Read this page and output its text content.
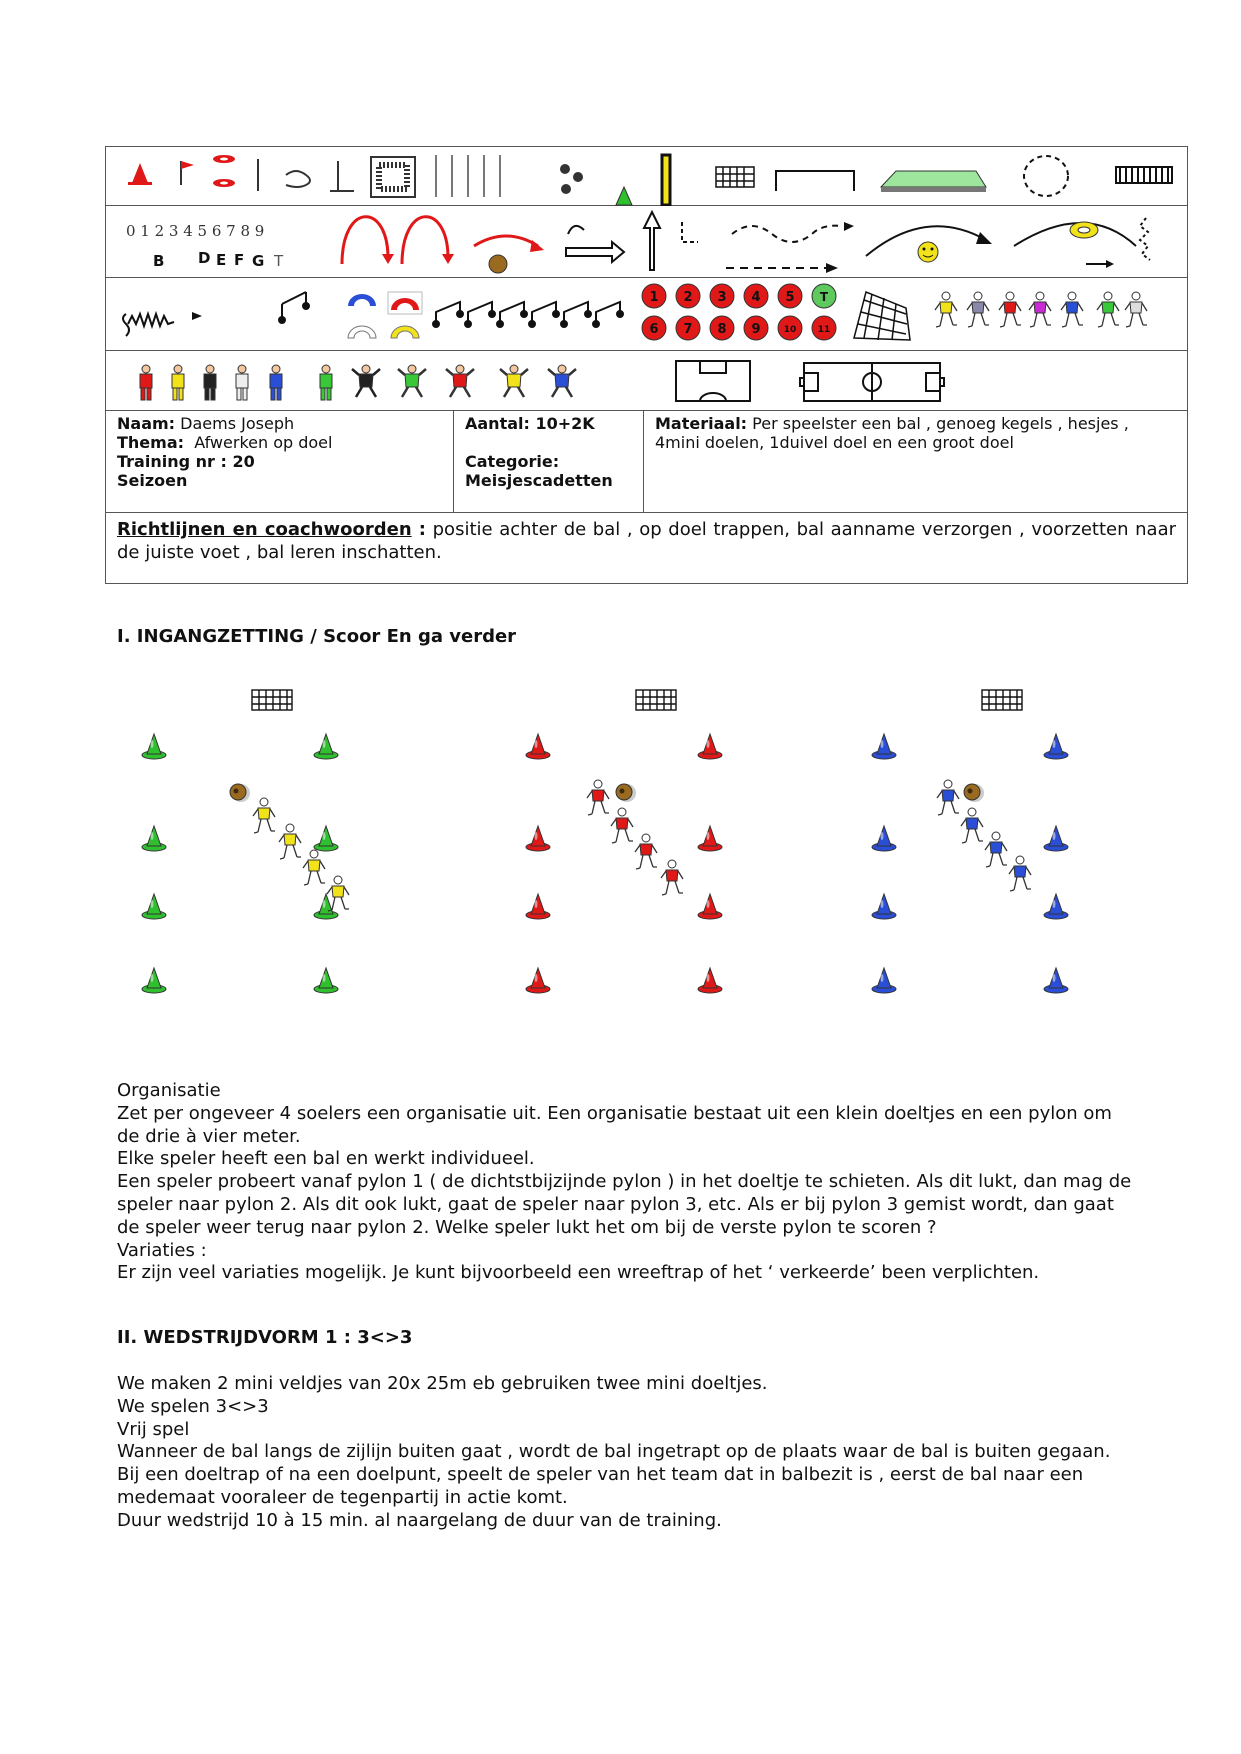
0 1 2 3 4 5 6 7 8 9
B D E F G T
1 2 3 4 5 T
6 7 8 9	10 11
Naam: Daems Joseph
Thema: Afwerken op doel
Training nr : 20
Seizoen
Aantal: 10+2K

Categorie:
Meisjescadetten
Materiaal: Per speelster een bal , genoeg kegels , hesjes , 4mini doelen, 1duivel doel en een groot doel
Richtlijnen en coachwoorden : positie achter de bal , op doel trappen, bal aanname verzorgen , voorzetten naar de juiste voet , bal leren inschatten.
I. INGANGZETTING / Scoor En ga verder

Organisatie

Zet per ongeveer 4 soelers een organisatie uit. Een organisatie bestaat uit een klein doeltjes en een pylon om de drie à vier meter.

Elke speler heeft een bal en werkt individueel.

Een speler probeert vanaf pylon 1 ( de dichtstbijzijnde pylon ) in het doeltje te schieten. Als dit lukt, dan mag de speler naar pylon 2. Als dit ook lukt, gaat de speler naar pylon 3, etc. Als er bij pylon 3 gemist wordt, dan gaat de speler weer terug naar pylon 2. Welke speler lukt het om bij de verste pylon te scoren ?

Variaties :

Er zijn veel variaties mogelijk. Je kunt bijvoorbeeld een wreeftrap of het ‘ verkeerde’ been verplichten.

II. WEDSTRIJDVORM 1 : 3<>3

We maken 2 mini veldjes van 20x 25m eb gebruiken twee mini doeltjes.

We spelen 3<>3

Vrij spel

Wanneer de bal langs de zijlijn buiten gaat , wordt de bal ingetrapt op de plaats waar de bal is buiten gegaan.

Bij een doeltrap of na een doelpunt, speelt de speler van het team dat in balbezit is , eerst de bal naar een medemaat vooraleer de tegenpartij in actie komt.

Duur wedstrijd 10 à 15 min. al naargelang de duur van de training.
